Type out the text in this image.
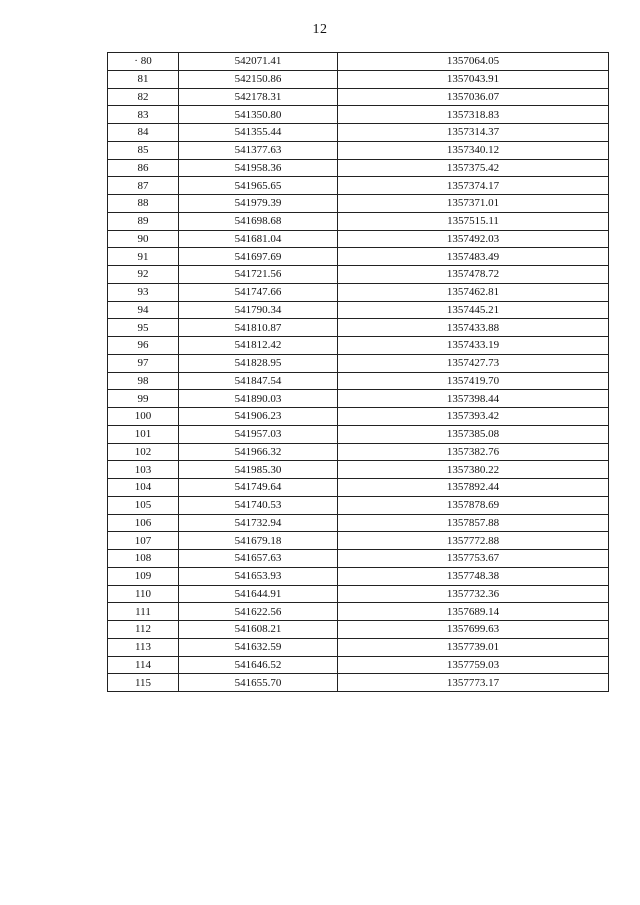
12
· 80	542071.41	1357064.05
81	542150.86	1357043.91
82	542178.31	1357036.07
83	541350.80	1357318.83
84	541355.44	1357314.37
85	541377.63	1357340.12
86	541958.36	1357375.42
87	541965.65	1357374.17
88	541979.39	1357371.01
89	541698.68	1357515.11
90	541681.04	1357492.03
91	541697.69	1357483.49
92	541721.56	1357478.72
93	541747.66	1357462.81
94	541790.34	1357445.21
95	541810.87	1357433.88
96	541812.42	1357433.19
97	541828.95	1357427.73
98	541847.54	1357419.70
99	541890.03	1357398.44
100	541906.23	1357393.42
101	541957.03	1357385.08
102	541966.32	1357382.76
103	541985.30	1357380.22
104	541749.64	1357892.44
105	541740.53	1357878.69
106	541732.94	1357857.88
107	541679.18	1357772.88
108	541657.63	1357753.67
109	541653.93	1357748.38
110	541644.91	1357732.36
111	541622.56	1357689.14
112	541608.21	1357699.63
113	541632.59	1357739.01
114	541646.52	1357759.03
115	541655.70	1357773.17
